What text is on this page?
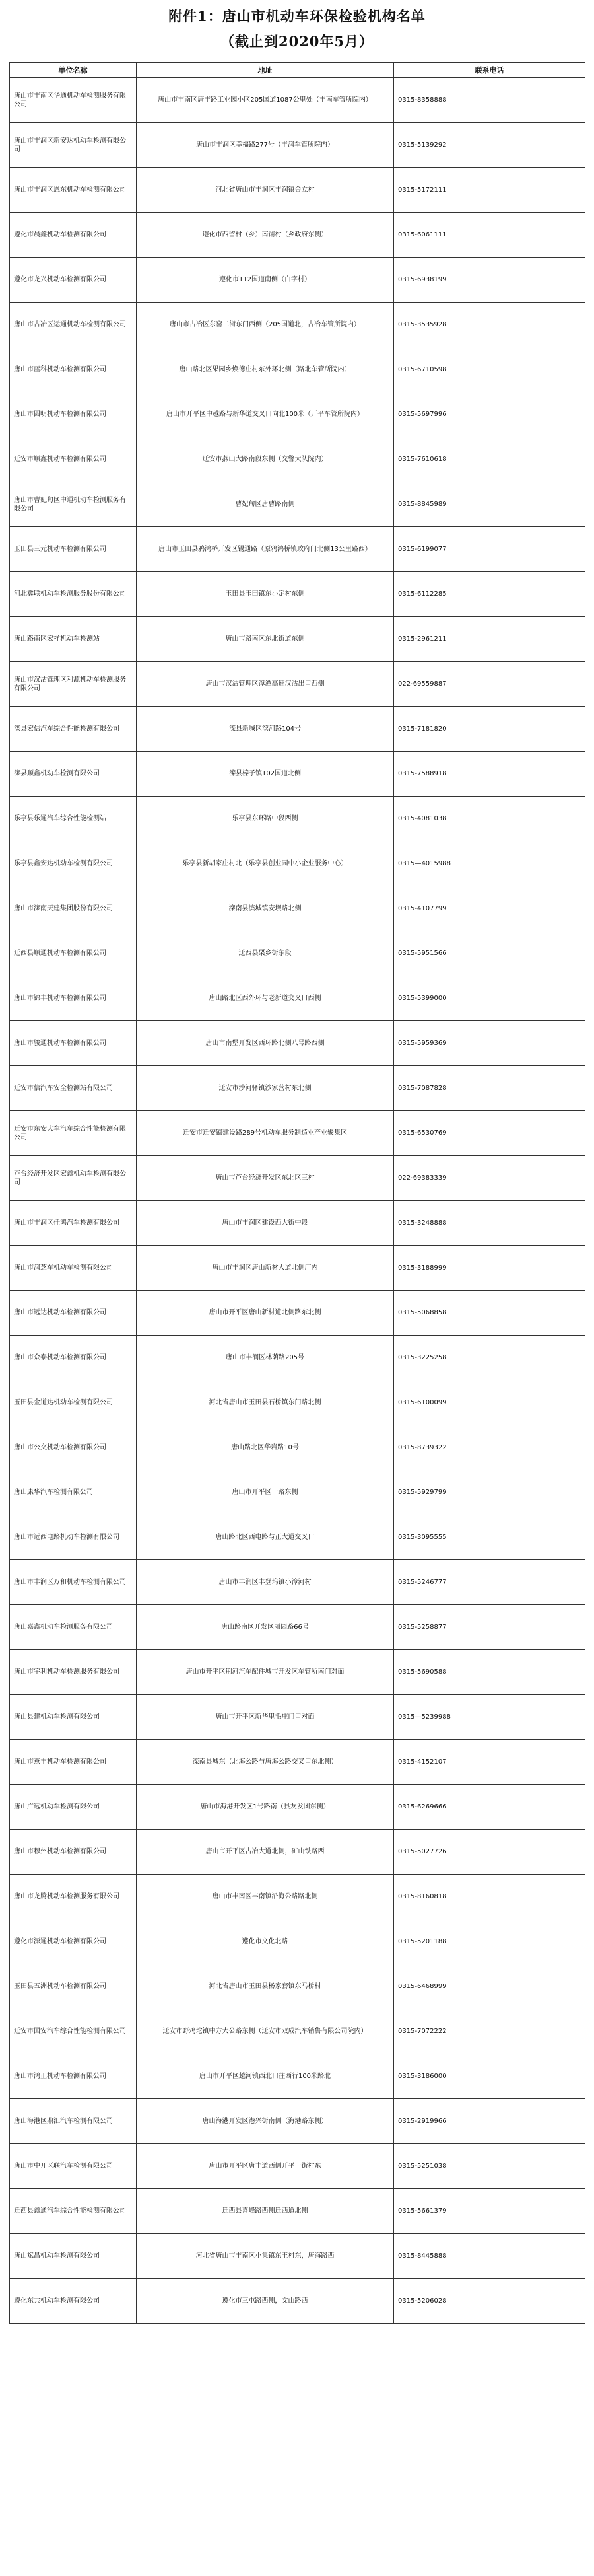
附件1：唐山市机动车环保检验机构名单
（截止到2020年5月）
单位名称	地址	联系电话
唐山市丰南区华通机动车检测服务有限公司	唐山市丰南区唐丰路工业园小区205国道1087公里处（丰南车管所院内）	0315-8358888
唐山市丰润区新安达机动车检测有限公司	唐山市丰润区幸福路277号（丰润车管所院内）	0315-5139292
唐山市丰润区恩东机动车检测有限公司	河北省唐山市丰润区丰润镇舍立村	0315-5172111
遵化市晨鑫机动车检测有限公司	遵化市西留村（乡）南铺村（乡政府东侧）	0315-6061111
遵化市龙兴机动车检测有限公司	遵化市112国道南侧（白字村）	0315-6938199
唐山市古冶区运通机动车检测有限公司	唐山市古冶区东窑二街东门西侧（205国道北，古冶车管所院内）	0315-3535928
唐山市蓝科机动车检测有限公司	唐山路北区果园乡焕德庄村东外环北侧（路北车管所院内）	0315-6710598
唐山市圆明机动车检测有限公司	唐山市开平区中越路与新华道交叉口向北100米（开平车管所院内）	0315-5697996
迁安市顺鑫机动车检测有限公司	迁安市燕山大路南段东侧（交警大队院内）	0315-7610618
唐山市曹妃甸区中通机动车检测服务有限公司	曹妃甸区唐曹路南侧	0315-8845989
玉田县三元机动车检测有限公司	唐山市玉田县鸦鸿桥开发区锡通路（原鸦鸿桥镇政府门北侧13公里路西）	0315-6199077
河北冀联机动车检测服务股份有限公司	玉田县玉田镇东小定村东侧	0315-6112285
唐山路南区宏祥机动车检测站	唐山市路南区东北街道东侧	0315-2961211
唐山市汉沽管理区利源机动车检测服务有限公司	唐山市汉沽管理区漳潭高速汉沽出口西侧	022-69559887
滦县宏信汽车综合性能检测有限公司	滦县新城区滨河路104号	0315-7181820
滦县顺鑫机动车检测有限公司	滦县榛子镇102国道北侧	0315-7588918
乐亭县乐通汽车综合性能检测站	乐亭县东环路中段西侧	0315-4081038
乐亭县鑫安达机动车检测有限公司	乐亭县新胡家庄村北（乐亭县创业园中小企业服务中心）	0315—4015988
唐山市滦南天建集团股份有限公司	滦南县滨城镇安坝路北侧	0315-4107799
迁西县顺通机动车检测有限公司	迁西县栗乡街东段	0315-5951566
唐山市锦丰机动车检测有限公司	唐山路北区西外环与老新道交叉口西侧	0315-5399000
唐山市骏通机动车检测有限公司	唐山市南堡开发区西环路北侧八号路西侧	0315-5959369
迁安市信汽车安全检测站有限公司	迁安市沙河驿镇沙家营村东北侧	0315-7087828
迁安市东安大车汽车综合性能检测有限公司	迁安市迁安镇建设路289号机动车服务制造业产业聚集区	0315-6530769
芦台经济开发区宏鑫机动车检测有限公司	唐山市芦台经济开发区东北区三村	022-69383339
唐山市丰润区佳鸿汽车检测有限公司	唐山市丰润区建设西大街中段	0315-3248888
唐山市润芝车机动车检测有限公司	唐山市丰润区唐山新材大道北侧厂内	0315-3188999
唐山市远达机动车检测有限公司	唐山市开平区唐山新材道北侧路东北侧	0315-5068858
唐山市众泰机动车检测有限公司	唐山市丰润区林荫路205号	0315-3225258
玉田县金道达机动车检测有限公司	河北省唐山市玉田县石桥镇东门路北侧	0315-6100099
唐山市公交机动车检测有限公司	唐山路北区华岩路10号	0315-8739322
唐山康华汽车检测有限公司	唐山市开平区一路东侧	0315-5929799
唐山市远西电路机动车检测有限公司	唐山路北区西电路与正大道交叉口	0315-3095555
唐山市丰润区万和机动车检测有限公司	唐山市丰润区丰登坞镇小漳河村	0315-5246777
唐山嘉鑫机动车检测服务有限公司	唐山路南区开发区丽园路66号	0315-5258877
唐山市宇利机动车检测服务有限公司	唐山市开平区荆河汽车配件城市开发区车管所南门对面	0315-5690588
唐山县建机动车检测有限公司	唐山市开平区新华里毛庄门口对面	0315—5239988
唐山市燕丰机动车检测有限公司	滦南县城东（北海公路与唐海公路交叉口东北侧）	0315-4152107
唐山广远机动车检测有限公司	唐山市海港开发区1号路南（县友发团东侧）	0315-6269666
唐山市穆州机动车检测有限公司	唐山市开平区古冶大道北侧，矿山铁路西	0315-5027726
唐山市龙腾机动车检测服务有限公司	唐山市丰南区丰南镇沿海公路路北侧	0315-8160818
遵化市源通机动车检测有限公司	遵化市文化北路	0315-5201188
玉田县五洲机动车检测有限公司	河北省唐山市玉田县杨家套镇东马桥村	0315-6468999
迁安市国安汽车综合性能检测有限公司	迁安市野鸡坨镇中方大公路东侧（迁安市双成汽车销售有限公司院内）	0315-7072222
唐山市鸿正机动车检测有限公司	唐山市开平区越河镇西北口往西行100米路北	0315-3186000
唐山海港区鼎汇汽车检测有限公司	唐山海港开发区港兴街南侧（海港路东侧）	0315-2919966
唐山市中开区联汽车检测有限公司	唐山市开平区唐丰道西侧开平一街村东	0315-5251038
迁西县鑫通汽车综合性能检测有限公司	迁西县喜峰路西侧迁西道北侧	0315-5661379
唐山斌昌机动车检测有限公司	河北省唐山市丰南区小集镇东王村东，唐海路西	0315-8445888
遵化东共机动车检测有限公司	遵化市三屯路西侧，文山路西	0315-5206028
